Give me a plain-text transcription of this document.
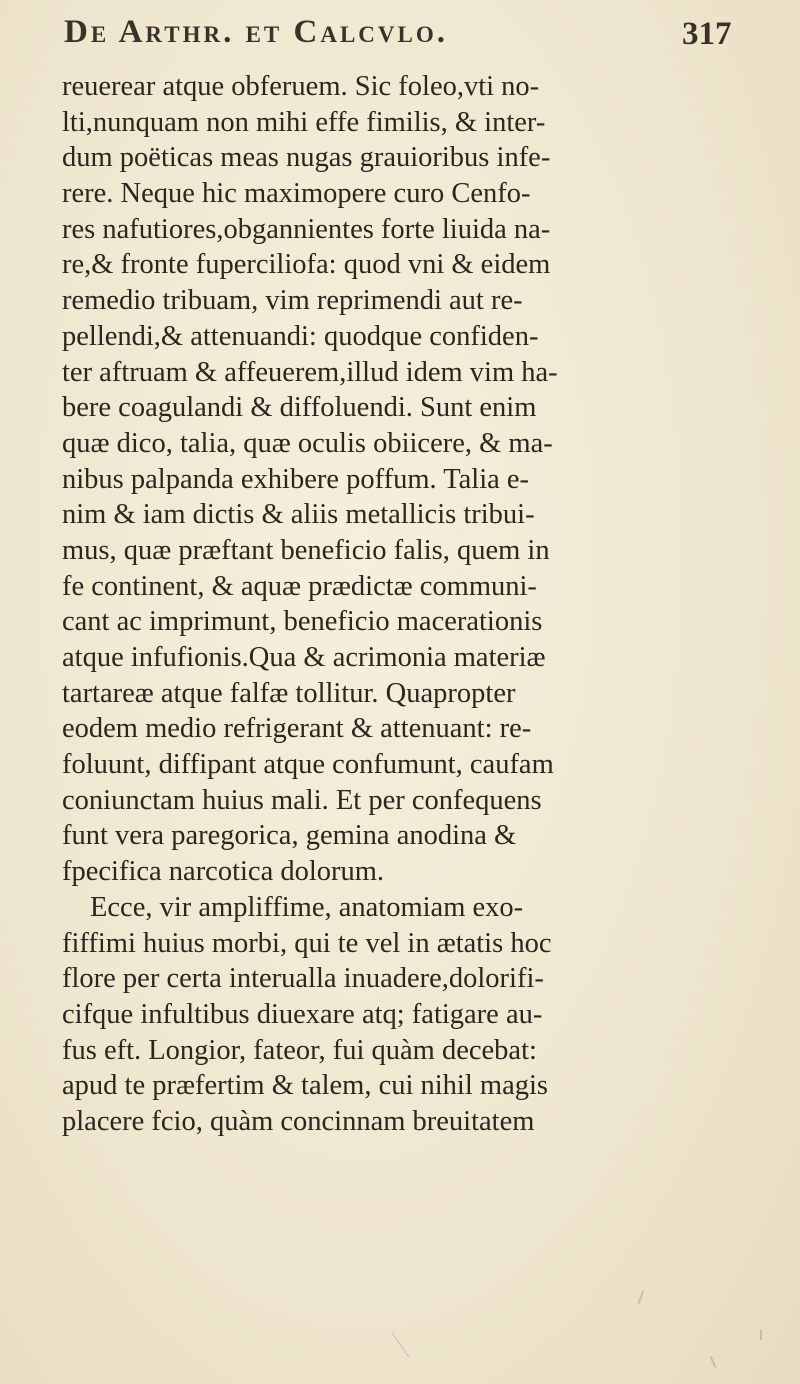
De Arthr. et Calcvlo.	317
reuerear atque obferuem. Sic foleo,vti no-
lti,nunquam non mihi effe fimilis, & inter-
dum poëticas meas nugas grauioribus infe-
rere. Neque hic maximopere curo Cenfo-
res nafutiores,obgannientes forte liuida na-
re,& fronte fuperciliofa: quod vni & eidem
remedio tribuam, vim reprimendi aut re-
pellendi,& attenuandi: quodque confiden-
ter aftruam & affeuerem,illud idem vim ha-
bere coagulandi & diffoluendi. Sunt enim
quæ dico, talia, quæ oculis obiicere, & ma-
nibus palpanda exhibere poffum. Talia e-
nim & iam dictis & aliis metallicis tribui-
mus, quæ præftant beneficio falis, quem in
fe continent, & aquæ prædictæ communi-
cant ac imprimunt, beneficio macerationis
atque infufionis.Qua & acrimonia materiæ
tartareæ atque falfæ tollitur. Quapropter
eodem medio refrigerant & attenuant: re-
foluunt, diffipant atque confumunt, caufam
coniunctam huius mali. Et per confequens
funt vera paregorica, gemina anodina &
fpecifica narcotica dolorum.
Ecce, vir ampliffime, anatomiam exo-
fiffimi huius morbi, qui te vel in ætatis hoc
flore per certa interualla inuadere,dolorifi-
cifque infultibus diuexare atq; fatigare au-
fus eft. Longior, fateor, fui quàm decebat:
apud te præfertim & talem, cui nihil magis
placere fcio, quàm concinnam breuitatem
